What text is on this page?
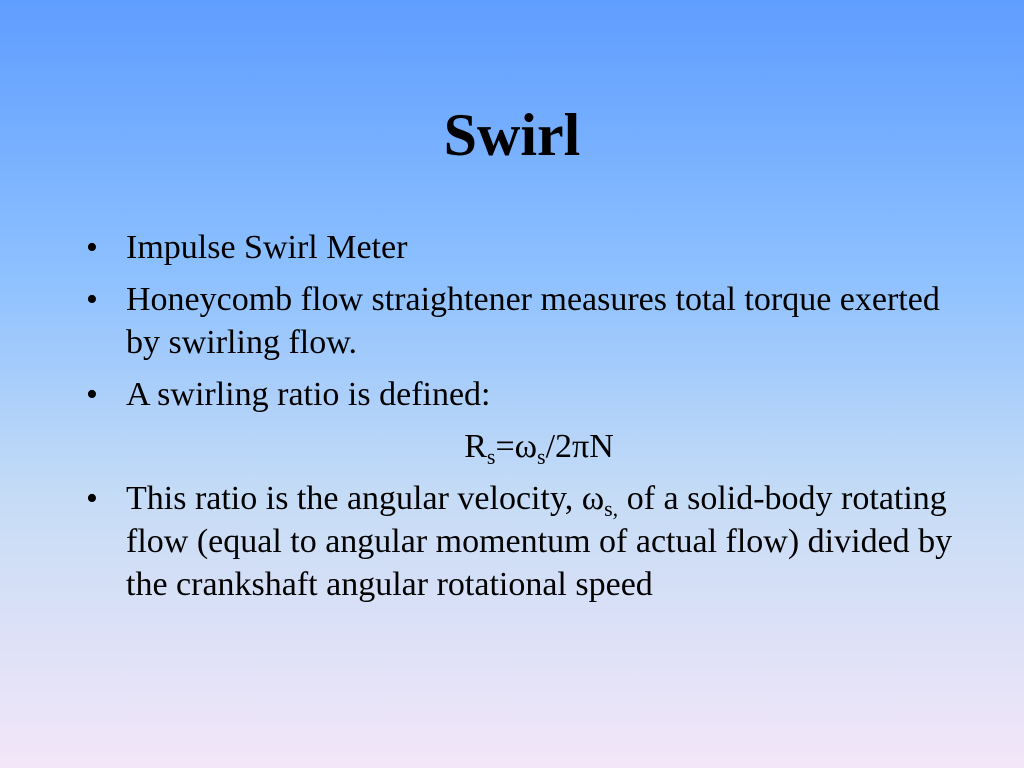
Swirl
• Impulse Swirl Meter
• Honeycomb flow straightener measures total torque exerted by swirling flow.
• A swirling ratio is defined:
$R_s=\omega_s/2\pi N$
• This ratio is the angular velocity, $\omega_{s,}$ of a solid-body rotating flow (equal to angular momentum of actual flow) divided by the crankshaft angular rotational speed
